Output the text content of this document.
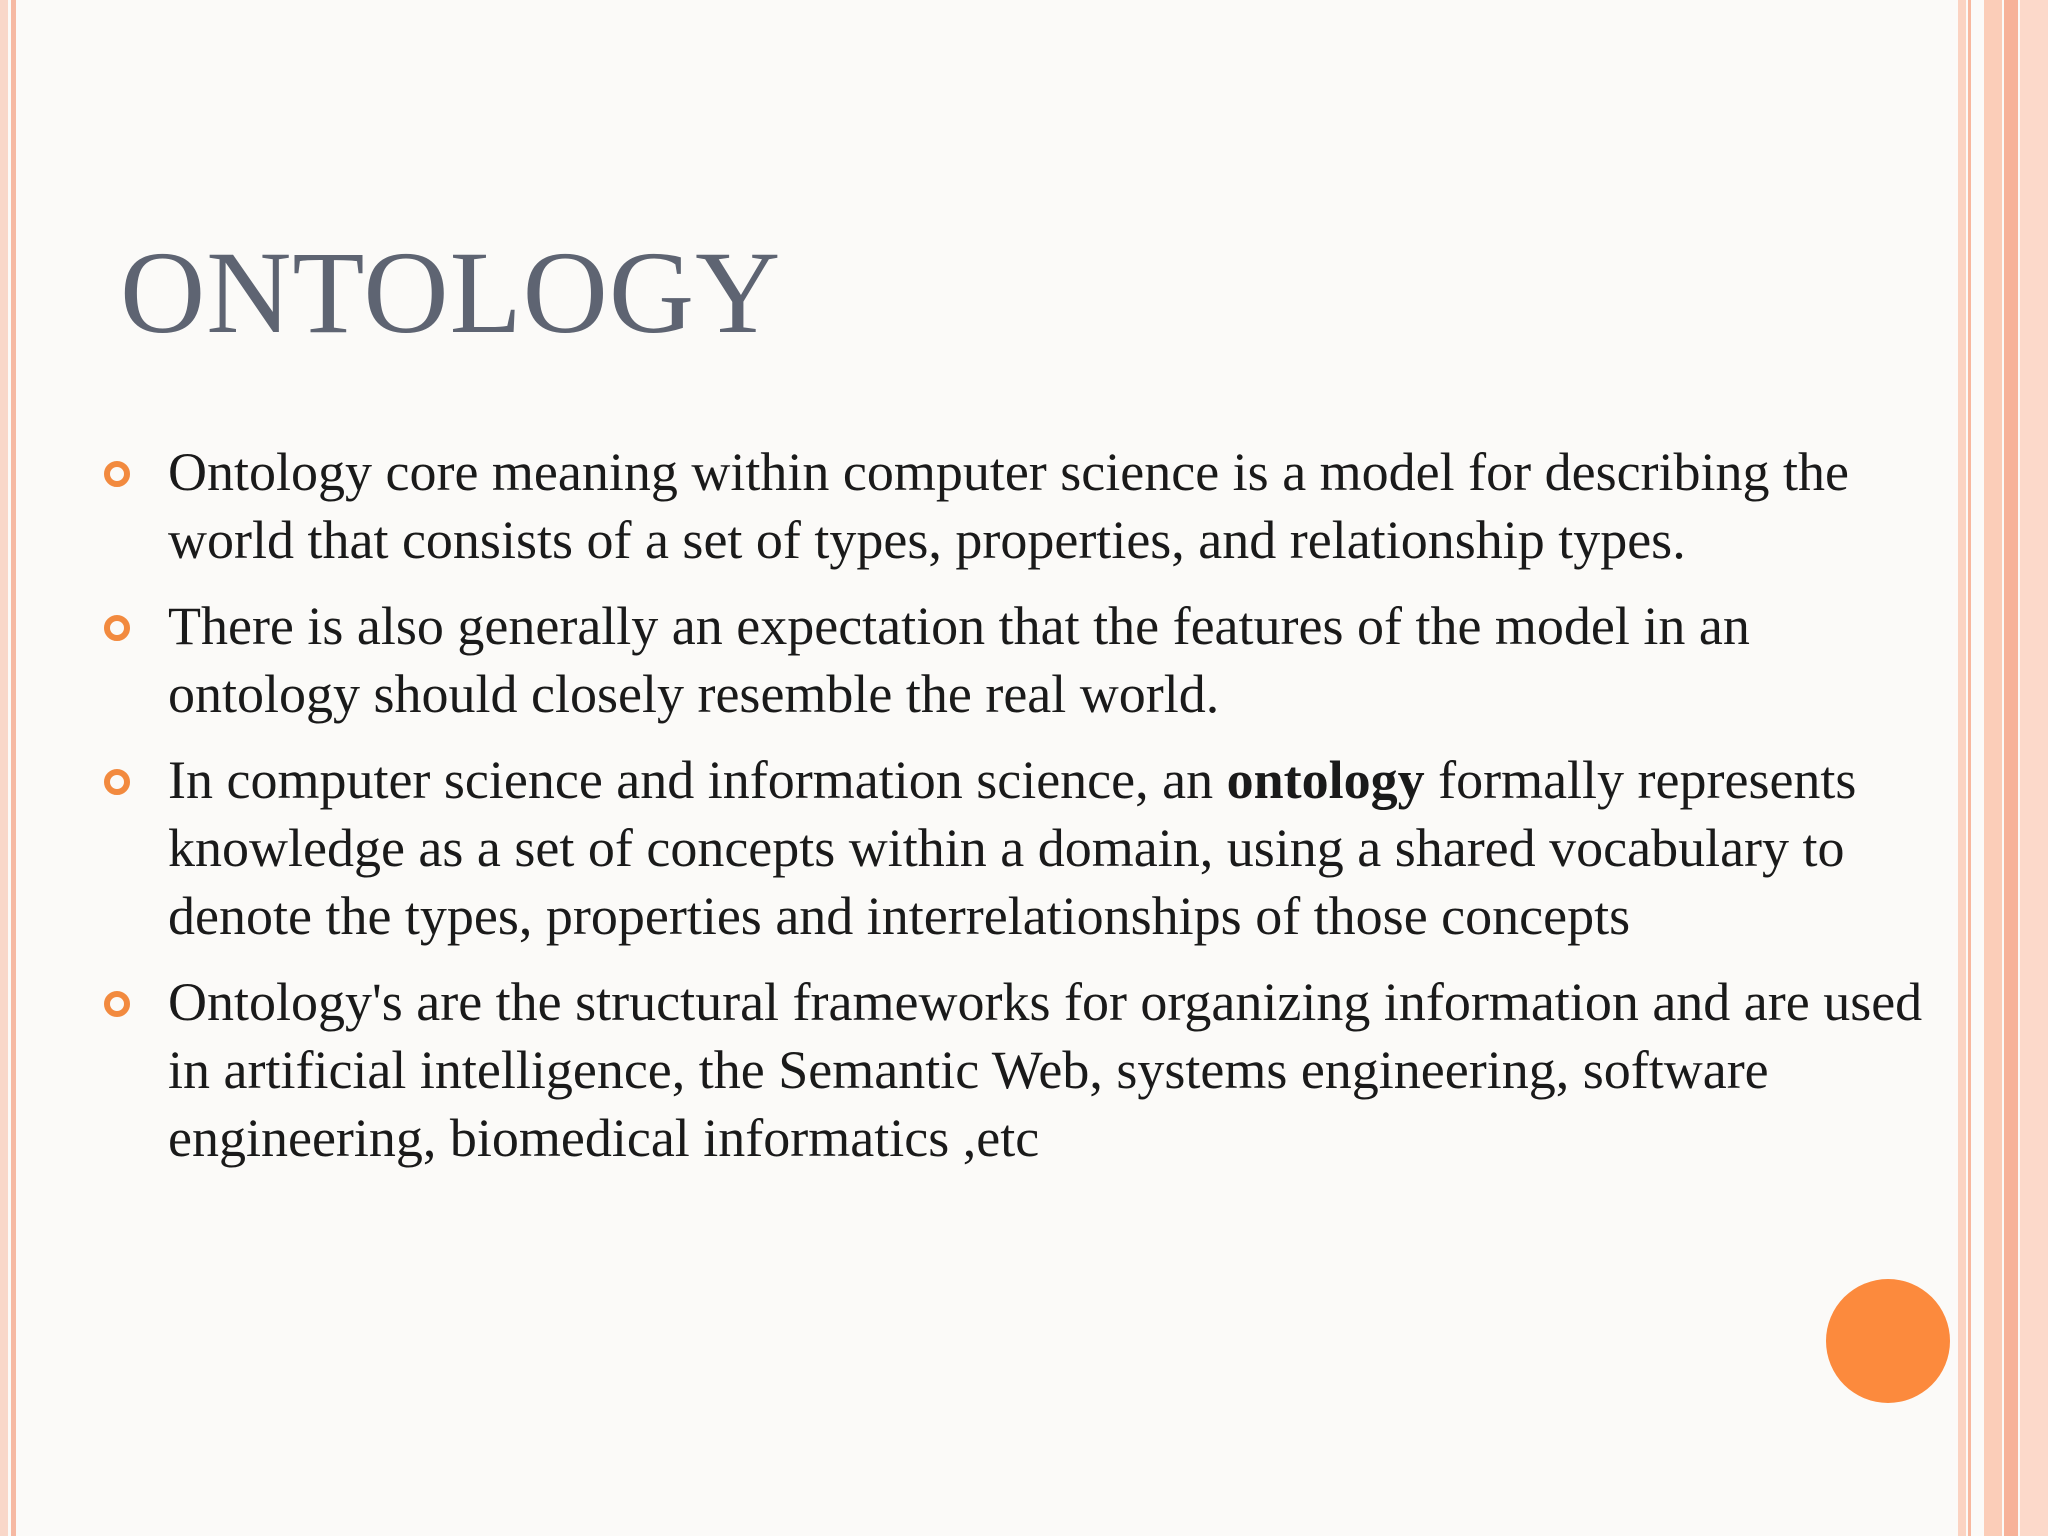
ONTOLOGY
Ontology core meaning within computer science is a model for describing the world that consists of a set of types, properties, and relationship types.
There is also generally an expectation that the features of the model in an ontology should closely resemble the real world.
In computer science and information science, an ontology formally represents knowledge as a set of concepts within a domain, using a shared vocabulary to denote the types, properties and interrelationships of those concepts
Ontology's are the structural frameworks for organizing information and are used in artificial intelligence, the Semantic Web, systems engineering, software engineering, biomedical informatics ,etc
